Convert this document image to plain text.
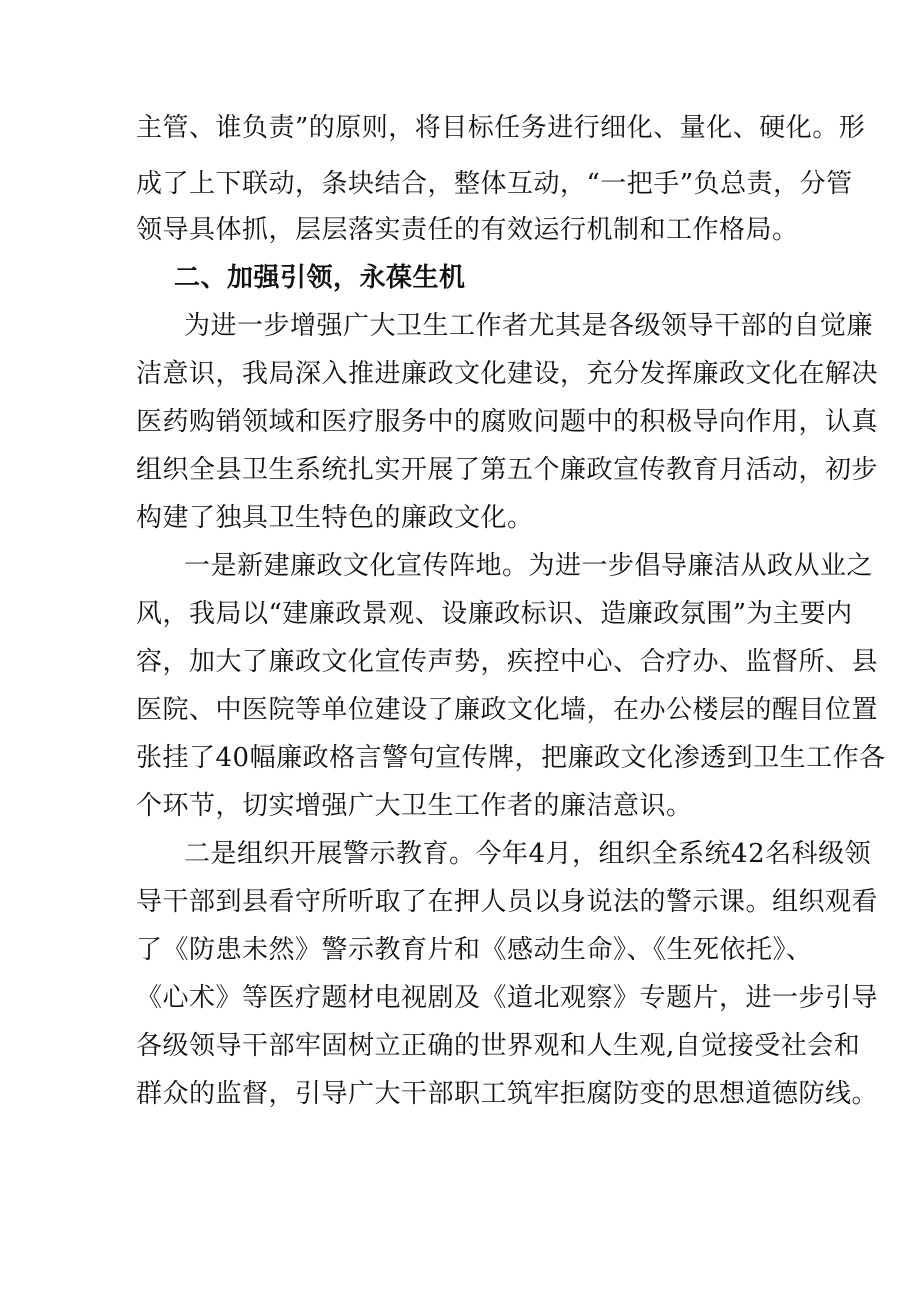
主管、谁负责”的原则，将目标任务进行细化、量化、硬化。形
成了上下联动，条块结合，整体互动，“一把手”负总责，分管
领导具体抓，层层落实责任的有效运行机制和工作格局。
二、加强引领，永葆生机
为进一步增强广大卫生工作者尤其是各级领导干部的自觉廉
洁意识，我局深入推进廉政文化建设，充分发挥廉政文化在解决
医药购销领域和医疗服务中的腐败问题中的积极导向作用，认真
组织全县卫生系统扎实开展了第五个廉政宣传教育月活动，初步
构建了独具卫生特色的廉政文化。
一是新建廉政文化宣传阵地。为进一步倡导廉洁从政从业之
风，我局以“建廉政景观、设廉政标识、造廉政氛围”为主要内
容，加大了廉政文化宣传声势，疾控中心、合疗办、监督所、县
医院、中医院等单位建设了廉政文化墙，在办公楼层的醒目位置
张挂了40幅廉政格言警句宣传牌，把廉政文化渗透到卫生工作各
个环节，切实增强广大卫生工作者的廉洁意识。
二是组织开展警示教育。今年4月，组织全系统42名科级领
导干部到县看守所听取了在押人员以身说法的警示课。组织观看
了《防患未然》警示教育片和《感动生命》、《生死依托》、
《心术》等医疗题材电视剧及《道北观察》专题片，进一步引导
各级领导干部牢固树立正确的世界观和人生观,自觉接受社会和
群众的监督，引导广大干部职工筑牢拒腐防变的思想道德防线。
